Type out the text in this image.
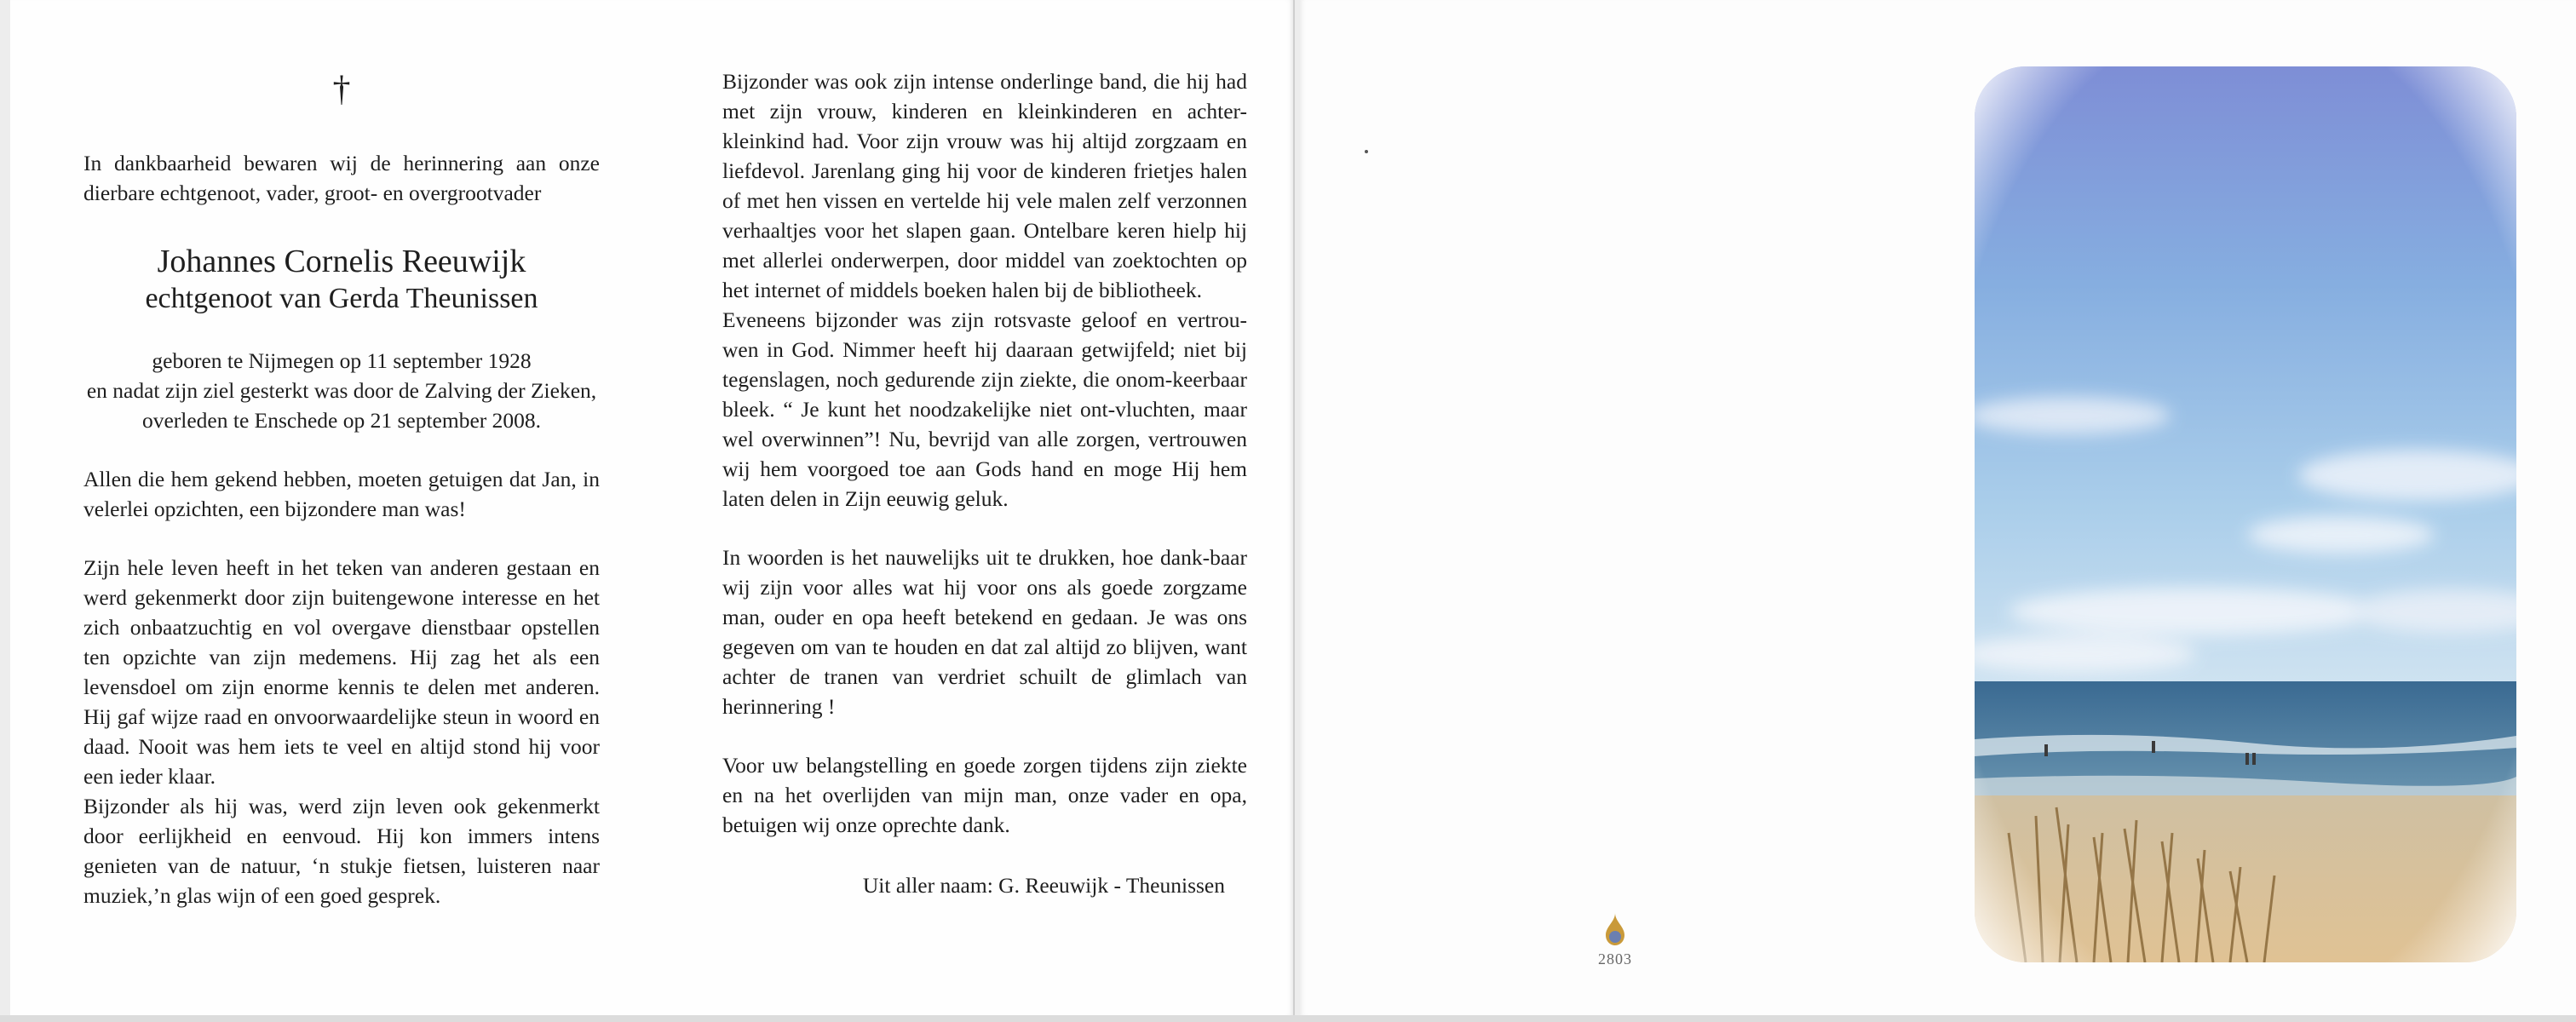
†

In dankbaarheid bewaren wij de herinnering aan onze dierbare echtgenoot, vader, groot- en overgrootvader

Johannes Cornelis Reeuwijk

echtgenoot van Gerda Theunissen

geboren te Nijmegen op 11 september 1928

en nadat zijn ziel gesterkt was door de Zalving der Zieken,

overleden te Enschede op 21 september 2008.

Allen die hem gekend hebben, moeten getuigen dat Jan, in velerlei opzichten, een bijzondere man was!

Zijn hele leven heeft in het teken van anderen gestaan en werd gekenmerkt door zijn buitengewone interesse en het zich onbaatzuchtig en vol overgave dienstbaar opstellen ten opzichte van zijn medemens. Hij zag het als een levensdoel om zijn enorme kennis te delen met anderen. Hij gaf wijze raad en onvoorwaardelijke steun in woord en daad. Nooit was hem iets te veel en altijd stond hij voor een ieder klaar.

Bijzonder als hij was, werd zijn leven ook gekenmerkt door eerlijkheid en eenvoud. Hij kon immers intens genieten van de natuur, ‘n stukje fietsen, luisteren naar muziek,’n glas wijn of een goed gesprek.

Bijzonder was ook zijn intense onderlinge band, die hij had met zijn vrouw, kinderen en kleinkinderen en achter-kleinkind had. Voor zijn vrouw was hij altijd zorgzaam en liefdevol. Jarenlang ging hij voor de kinderen frietjes halen of met hen vissen en vertelde hij vele malen zelf verzonnen verhaaltjes voor het slapen gaan. Ontelbare keren hielp hij met allerlei onderwerpen, door middel van zoektochten op het internet of middels boeken halen bij de bibliotheek.

Eveneens bijzonder was zijn rotsvaste geloof en vertrou-wen in God. Nimmer heeft hij daaraan getwijfeld; niet bij tegenslagen, noch gedurende zijn ziekte, die onom-keerbaar bleek. “ Je kunt het noodzakelijke niet ont-vluchten, maar wel overwinnen”! Nu, bevrijd van alle zorgen, vertrouwen wij hem voorgoed toe aan Gods hand en moge Hij hem laten delen in Zijn eeuwig geluk.

In woorden is het nauwelijks uit te drukken, hoe dank-baar wij zijn voor alles wat hij voor ons als goede zorgzame man, ouder en opa heeft betekend en gedaan. Je was ons gegeven om van te houden en dat zal altijd zo blijven, want achter de tranen van verdriet schuilt de glimlach van herinnering !

Voor uw belangstelling en goede zorgen tijdens zijn ziekte en na het overlijden van mijn man, onze vader en opa, betuigen wij onze oprechte dank.

Uit aller naam: G. Reeuwijk - Theunissen

2803
